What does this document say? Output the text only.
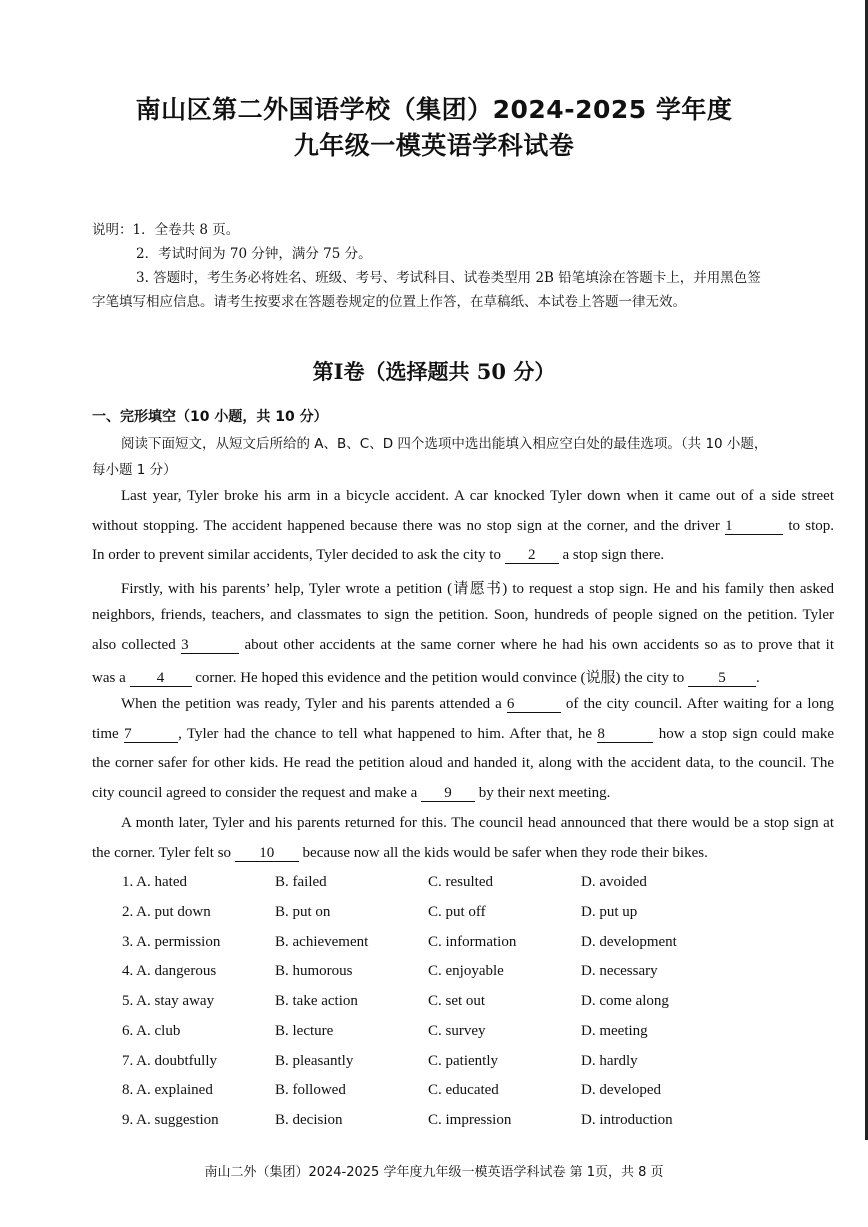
南山区第二外国语学校（集团）2024-2025 学年度
九年级一模英语学科试卷
说明：1．全卷共 8 页。
2．考试时间为 70 分钟，满分 75 分。
3. 答题时，考生务必将姓名、班级、考号、考试科目、试卷类型用 2B 铅笔填涂在答题卡上，并用黑色签
字笔填写相应信息。请考生按要求在答题卷规定的位置上作答，在草稿纸、本试卷上答题一律无效。
第Ⅰ卷（选择题共 50 分）
一、完形填空（10 小题，共 10 分）
阅读下面短文，从短文后所给的 A、B、C、D 四个选项中选出能填入相应空白处的最佳选项。（共 10 小题，
每小题 1 分）
Last year, Tyler broke his arm in a bicycle accident. A car knocked Tyler down when it came out of a side street
without stopping. The accident happened because there was no stop sign at the corner, and the driver 1	to stop.
In order to prevent similar accidents, Tyler decided to ask the city to 2 a stop sign there.
Firstly, with his parents’ help, Tyler wrote a petition (请愿书) to request a stop sign. He and his family then asked
neighbors, friends, teachers, and classmates to sign the petition. Soon, hundreds of people signed on the petition. Tyler
also collected 3	about other accidents at the same corner where he had his own accidents so as to prove that it
was a 4 corner. He hoped this evidence and the petition would convince (说服) the city to 5 .
When the petition was ready, Tyler and his parents attended a 6	of the city council. After waiting for a long
time 7	, Tyler had the chance to tell what happened to him. After that, he 8	how a stop sign could make
the corner safer for other kids. He read the petition aloud and handed it, along with the accident data, to the council. The
city council agreed to consider the request and make a 9 by their next meeting.
A month later, Tyler and his parents returned for this. The council head announced that there would be a stop sign at
the corner. Tyler felt so 10 because now all the kids would be safer when they rode their bikes.
1. A. hated	B. failed	C. resulted	D. avoided
2. A. put down	B. put on	C. put off	D. put up
3. A. permission	B. achievement	C. information	D. development
4. A. dangerous	B. humorous	C. enjoyable	D. necessary
5. A. stay away	B. take action	C. set out	D. come along
6. A. club	B. lecture	C. survey	D. meeting
7. A. doubtfully	B. pleasantly	C. patiently	D. hardly
8. A. explained	B. followed	C. educated	D. developed
9. A. suggestion	B. decision	C. impression	D. introduction
南山二外（集团）2024-2025 学年度九年级一模英语学科试卷 第 1页，共 8 页
